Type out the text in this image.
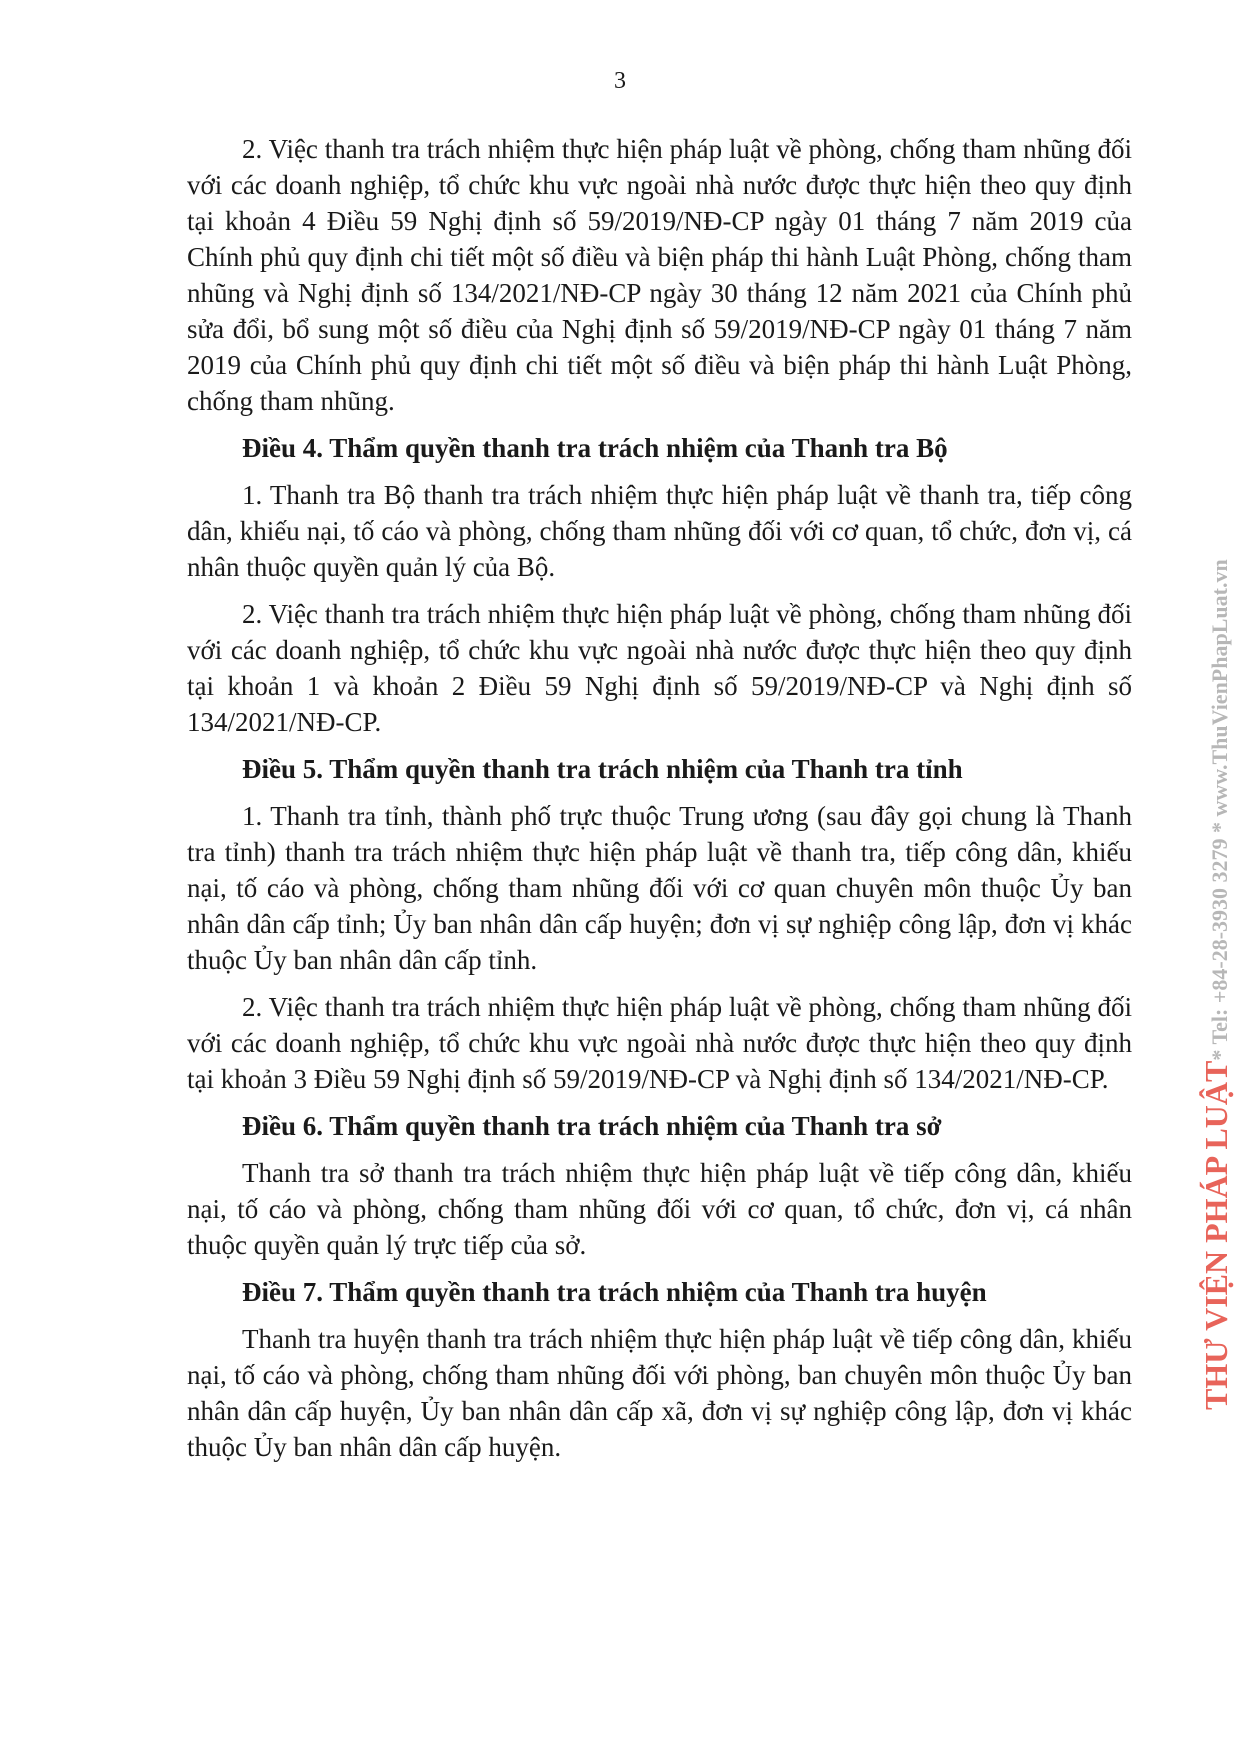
3

2. Việc thanh tra trách nhiệm thực hiện pháp luật về phòng, chống tham nhũng đối với các doanh nghiệp, tổ chức khu vực ngoài nhà nước được thực hiện theo quy định tại khoản 4 Điều 59 Nghị định số 59/2019/NĐ-CP ngày 01 tháng 7 năm 2019 của Chính phủ quy định chi tiết một số điều và biện pháp thi hành Luật Phòng, chống tham nhũng và Nghị định số 134/2021/NĐ-CP ngày 30 tháng 12 năm 2021 của Chính phủ sửa đổi, bổ sung một số điều của Nghị định số 59/2019/NĐ-CP ngày 01 tháng 7 năm 2019 của Chính phủ quy định chi tiết một số điều và biện pháp thi hành Luật Phòng, chống tham nhũng.

Điều 4. Thẩm quyền thanh tra trách nhiệm của Thanh tra Bộ

1. Thanh tra Bộ thanh tra trách nhiệm thực hiện pháp luật về thanh tra, tiếp công dân, khiếu nại, tố cáo và phòng, chống tham nhũng đối với cơ quan, tổ chức, đơn vị, cá nhân thuộc quyền quản lý của Bộ.

2. Việc thanh tra trách nhiệm thực hiện pháp luật về phòng, chống tham nhũng đối với các doanh nghiệp, tổ chức khu vực ngoài nhà nước được thực hiện theo quy định tại khoản 1 và khoản 2 Điều 59 Nghị định số 59/2019/NĐ-CP và Nghị định số 134/2021/NĐ-CP.

Điều 5. Thẩm quyền thanh tra trách nhiệm của Thanh tra tỉnh

1. Thanh tra tỉnh, thành phố trực thuộc Trung ương (sau đây gọi chung là Thanh tra tỉnh) thanh tra trách nhiệm thực hiện pháp luật về thanh tra, tiếp công dân, khiếu nại, tố cáo và phòng, chống tham nhũng đối với cơ quan chuyên môn thuộc Ủy ban nhân dân cấp tỉnh; Ủy ban nhân dân cấp huyện; đơn vị sự nghiệp công lập, đơn vị khác thuộc Ủy ban nhân dân cấp tỉnh.

2. Việc thanh tra trách nhiệm thực hiện pháp luật về phòng, chống tham nhũng đối với các doanh nghiệp, tổ chức khu vực ngoài nhà nước được thực hiện theo quy định tại khoản 3 Điều 59 Nghị định số 59/2019/NĐ-CP và Nghị định số 134/2021/NĐ-CP.

Điều 6. Thẩm quyền thanh tra trách nhiệm của Thanh tra sở

Thanh tra sở thanh tra trách nhiệm thực hiện pháp luật về tiếp công dân, khiếu nại, tố cáo và phòng, chống tham nhũng đối với cơ quan, tổ chức, đơn vị, cá nhân thuộc quyền quản lý trực tiếp của sở.

Điều 7. Thẩm quyền thanh tra trách nhiệm của Thanh tra huyện

Thanh tra huyện thanh tra trách nhiệm thực hiện pháp luật về tiếp công dân, khiếu nại, tố cáo và phòng, chống tham nhũng đối với phòng, ban chuyên môn thuộc Ủy ban nhân dân cấp huyện, Ủy ban nhân dân cấp xã, đơn vị sự nghiệp công lập, đơn vị khác thuộc Ủy ban nhân dân cấp huyện.

THƯ VIỆN PHÁP LUẬT* Tel: +84-28-3930 3279 * www.ThuVienPhapLuat.vn
